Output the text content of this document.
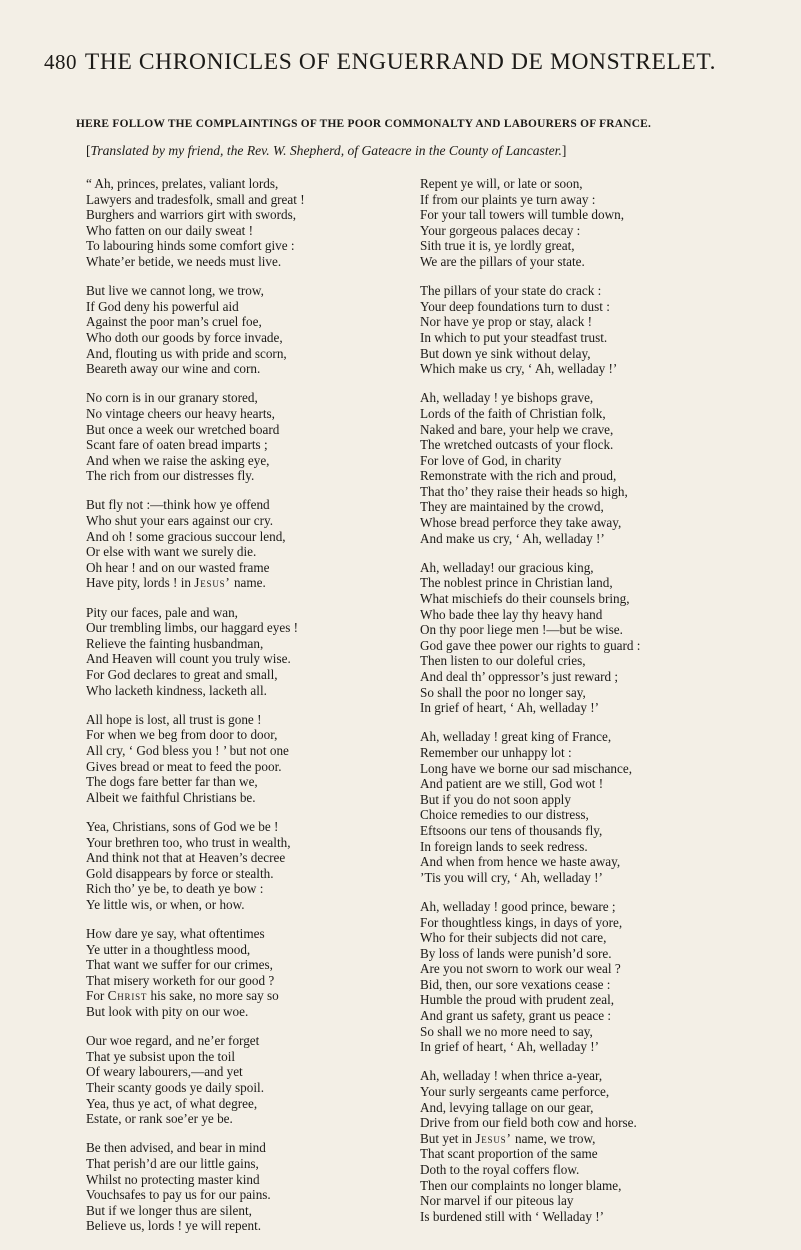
480 THE CHRONICLES OF ENGUERRAND DE MONSTRELET.
HERE FOLLOW THE COMPLAINTINGS OF THE POOR COMMONALTY AND LABOURERS OF FRANCE.
[Translated by my friend, the Rev. W. Shepherd, of Gateacre in the County of Lancaster.]
“ Ah, princes, prelates, valiant lords,
Lawyers and tradesfolk, small and great !
Burghers and warriors girt with swords,
Who fatten on our daily sweat !
To labouring hinds some comfort give :
Whate’er betide, we needs must live.
But live we cannot long, we trow,
If God deny his powerful aid
Against the poor man’s cruel foe,
Who doth our goods by force invade,
And, flouting us with pride and scorn,
Beareth away our wine and corn.
No corn is in our granary stored,
No vintage cheers our heavy hearts,
But once a week our wretched board
Scant fare of oaten bread imparts ;
And when we raise the asking eye,
The rich from our distresses fly.
But fly not :—think how ye offend
Who shut your ears against our cry.
And oh ! some gracious succour lend,
Or else with want we surely die.
Oh hear ! and on our wasted frame
Have pity, lords ! in Jesus’ name.
Pity our faces, pale and wan,
Our trembling limbs, our haggard eyes !
Relieve the fainting husbandman,
And Heaven will count you truly wise.
For God declares to great and small,
Who lacketh kindness, lacketh all.
All hope is lost, all trust is gone !
For when we beg from door to door,
All cry, ‘ God bless you ! ’ but not one
Gives bread or meat to feed the poor.
The dogs fare better far than we,
Albeit we faithful Christians be.
Yea, Christians, sons of God we be !
Your brethren too, who trust in wealth,
And think not that at Heaven’s decree
Gold disappears by force or stealth.
Rich tho’ ye be, to death ye bow :
Ye little wis, or when, or how.
How dare ye say, what oftentimes
Ye utter in a thoughtless mood,
That want we suffer for our crimes,
That misery worketh for our good ?
For Christ his sake, no more say so
But look with pity on our woe.
Our woe regard, and ne’er forget
That ye subsist upon the toil
Of weary labourers,—and yet
Their scanty goods ye daily spoil.
Yea, thus ye act, of what degree,
Estate, or rank soe’er ye be.
Be then advised, and bear in mind
That perish’d are our little gains,
Whilst no protecting master kind
Vouchsafes to pay us for our pains.
But if we longer thus are silent,
Believe us, lords ! ye will repent.
Repent ye will, or late or soon,
If from our plaints ye turn away :
For your tall towers will tumble down,
Your gorgeous palaces decay :
Sith true it is, ye lordly great,
We are the pillars of your state.
The pillars of your state do crack :
Your deep foundations turn to dust :
Nor have ye prop or stay, alack !
In which to put your steadfast trust.
But down ye sink without delay,
Which make us cry, ‘ Ah, welladay !’
Ah, welladay ! ye bishops grave,
Lords of the faith of Christian folk,
Naked and bare, your help we crave,
The wretched outcasts of your flock.
For love of God, in charity
Remonstrate with the rich and proud,
That tho’ they raise their heads so high,
They are maintained by the crowd,
Whose bread perforce they take away,
And make us cry, ‘ Ah, welladay !’
Ah, welladay! our gracious king,
The noblest prince in Christian land,
What mischiefs do their counsels bring,
Who bade thee lay thy heavy hand
On thy poor liege men !—but be wise.
God gave thee power our rights to guard :
Then listen to our doleful cries,
And deal th’ oppressor’s just reward ;
So shall the poor no longer say,
In grief of heart, ‘ Ah, welladay !’
Ah, welladay ! great king of France,
Remember our unhappy lot :
Long have we borne our sad mischance,
And patient are we still, God wot !
But if you do not soon apply
Choice remedies to our distress,
Eftsoons our tens of thousands fly,
In foreign lands to seek redress.
And when from hence we haste away,
’Tis you will cry, ‘ Ah, welladay !’
Ah, welladay ! good prince, beware ;
For thoughtless kings, in days of yore,
Who for their subjects did not care,
By loss of lands were punish’d sore.
Are you not sworn to work our weal ?
Bid, then, our sore vexations cease :
Humble the proud with prudent zeal,
And grant us safety, grant us peace :
So shall we no more need to say,
In grief of heart, ‘ Ah, welladay !’
Ah, welladay ! when thrice a-year,
Your surly sergeants came perforce,
And, levying tallage on our gear,
Drive from our field both cow and horse.
But yet in Jesus’ name, we trow,
That scant proportion of the same
Doth to the royal coffers flow.
Then our complaints no longer blame,
Nor marvel if our piteous lay
Is burdened still with ‘ Welladay !’
